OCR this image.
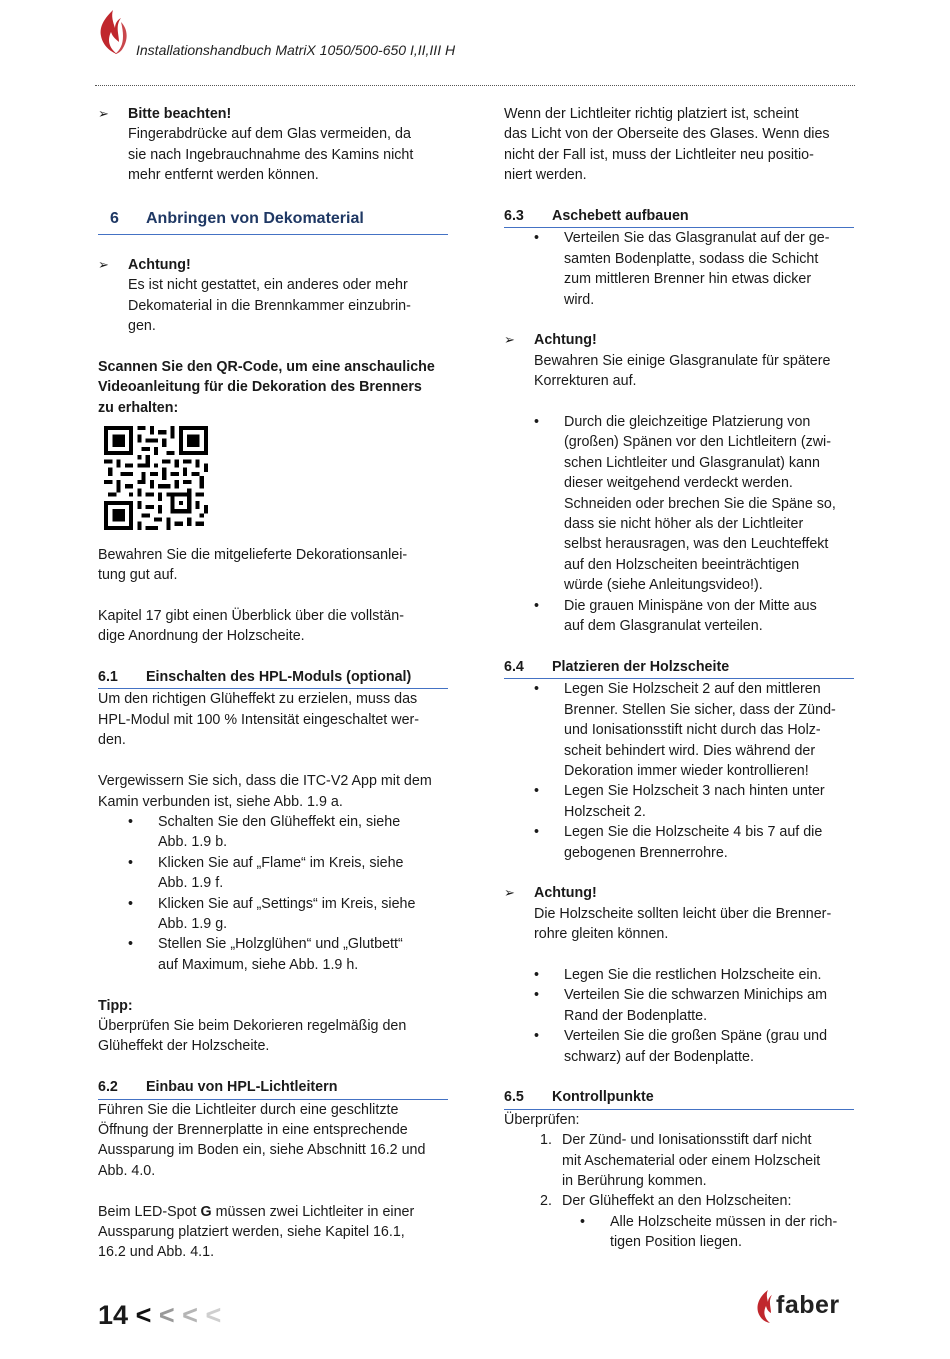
Installationshandbuch MatriX 1050/500-650 I,II,III H
➢ Bitte beachten!

Fingerabdrücke auf dem Glas vermeiden, da

sie nach Ingebrauchnahme des Kamins nicht

mehr entfernt werden können.

6 Anbringen von Dekomaterial
➢ Achtung!

Es ist nicht gestattet, ein anderes oder mehr

Dekomaterial in die Brennkammer einzubrin-

gen.

Scannen Sie den QR-Code, um eine anschauliche

Videoanleitung für die Dekoration des Brenners

zu erhalten:

Bewahren Sie die mitgelieferte Dekorationsanlei-

tung gut auf.

Kapitel 17 gibt einen Überblick über die vollstän-

dige Anordnung der Holzscheite.

6.1 Einschalten des HPL-Moduls (optional)

Um den richtigen Glüheffekt zu erzielen, muss das

HPL-Modul mit 100 % Intensität eingeschaltet wer-

den.

Vergewissern Sie sich, dass die ITC-V2 App mit dem

Kamin verbunden ist, siehe Abb. 1.9 a.

• Schalten Sie den Glüheffekt ein, siehe

Abb. 1.9 b.

• Klicken Sie auf „Flame“ im Kreis, siehe

Abb. 1.9 f.

• Klicken Sie auf „Settings“ im Kreis, siehe

Abb. 1.9 g.

• Stellen Sie „Holzglühen“ und „Glutbett“

auf Maximum, siehe Abb. 1.9 h.

Tipp:

Überprüfen Sie beim Dekorieren regelmäßig den

Glüheffekt der Holzscheite.

6.2 Einbau von HPL-Lichtleitern

Führen Sie die Lichtleiter durch eine geschlitzte

Öffnung der Brennerplatte in eine entsprechende

Aussparung im Boden ein, siehe Abschnitt 16.2 und

Abb. 4.0.

Beim LED-Spot G müssen zwei Lichtleiter in einer

Aussparung platziert werden, siehe Kapitel 16.1,

16.2 und Abb. 4.1.

Wenn der Lichtleiter richtig platziert ist, scheint

das Licht von der Oberseite des Glases. Wenn dies

nicht der Fall ist, muss der Lichtleiter neu positio-

niert werden.

6.3 Aschebett aufbauen
• Verteilen Sie das Glasgranulat auf der ge-

samten Bodenplatte, sodass die Schicht

zum mittleren Brenner hin etwas dicker

wird.

➢ Achtung!

Bewahren Sie einige Glasgranulate für spätere

Korrekturen auf.

• Durch die gleichzeitige Platzierung von

(großen) Spänen vor den Lichtleitern (zwi-

schen Lichtleiter und Glasgranulat) kann

dieser weitgehend verdeckt werden.

Schneiden oder brechen Sie die Späne so,

dass sie nicht höher als der Lichtleiter

selbst herausragen, was den Leuchteffekt

auf den Holzscheiten beeinträchtigen

würde (siehe Anleitungsvideo!).

• Die grauen Minispäne von der Mitte aus

auf dem Glasgranulat verteilen.

6.4 Platzieren der Holzscheite
• Legen Sie Holzscheit 2 auf den mittleren

Brenner. Stellen Sie sicher, dass der Zünd-

und Ionisationsstift nicht durch das Holz-

scheit behindert wird. Dies während der

Dekoration immer wieder kontrollieren!

• Legen Sie Holzscheit 3 nach hinten unter

Holzscheit 2.

• Legen Sie die Holzscheite 4 bis 7 auf die

gebogenen Brennerrohre.

➢ Achtung!

Die Holzscheite sollten leicht über die Brenner-

rohre gleiten können.

• Legen Sie die restlichen Holzscheite ein.

• Verteilen Sie die schwarzen Minichips am

Rand der Bodenplatte.

• Verteilen Sie die großen Späne (grau und

schwarz) auf der Bodenplatte.

6.5 Kontrollpunkte

Überprüfen:

1. Der Zünd- und Ionisationsstift darf nicht

mit Aschematerial oder einem Holzscheit

in Berührung kommen.

2. Der Glüheffekt an den Holzscheiten:

• Alle Holzscheite müssen in der rich-

tigen Position liegen.

14 < < < <	faber
